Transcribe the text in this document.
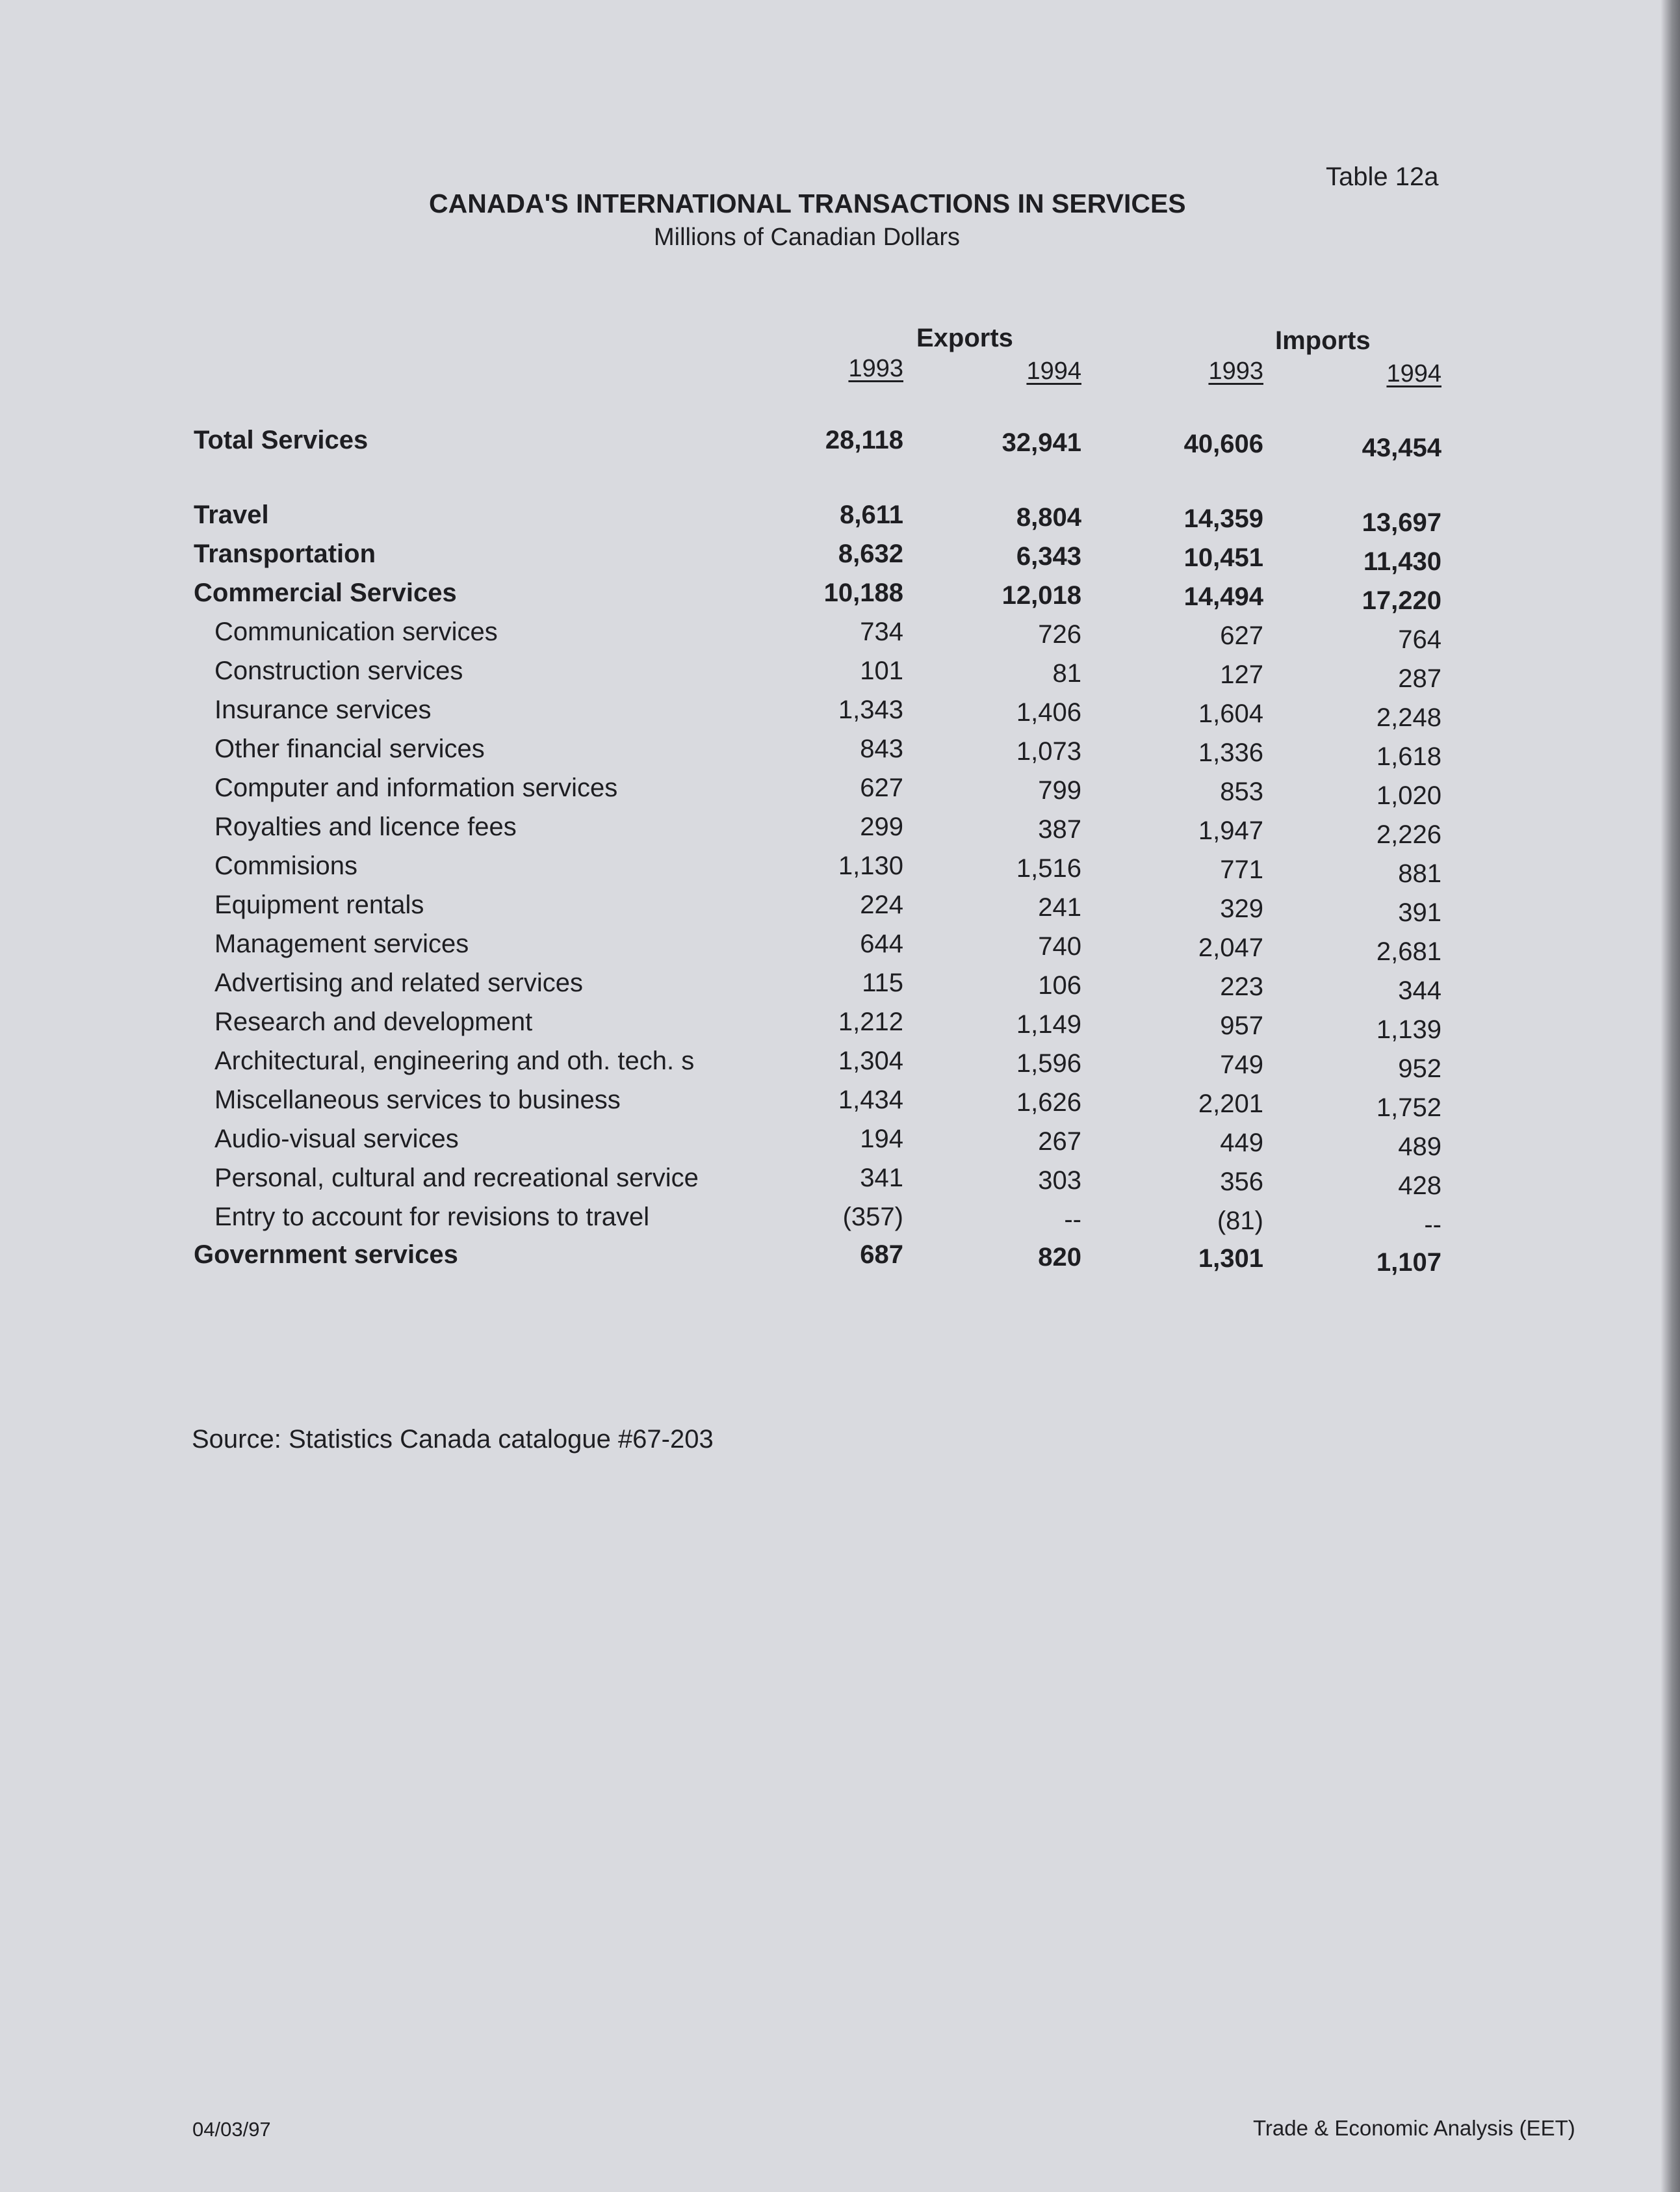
Table 12a
CANADA'S INTERNATIONAL TRANSACTIONS IN SERVICES
Millions of Canadian Dollars
Exports	Imports
1993	1994	1993	1994
Total Services	28,118	32,941	40,606	43,454
Travel	8,611	8,804	14,359	13,697
Transportation	8,632	6,343	10,451	11,430
Commercial Services	10,188	12,018	14,494	17,220
Communication services	734	726	627	764
Construction services	101	81	127	287
Insurance services	1,343	1,406	1,604	2,248
Other financial services	843	1,073	1,336	1,618
Computer and information services	627	799	853	1,020
Royalties and licence fees	299	387	1,947	2,226
Commisions	1,130	1,516	771	881
Equipment rentals	224	241	329	391
Management services	644	740	2,047	2,681
Advertising and related services	115	106	223	344
Research and development	1,212	1,149	957	1,139
Architectural, engineering and oth. tech. s	1,304	1,596	749	952
Miscellaneous services to business	1,434	1,626	2,201	1,752
Audio-visual services	194	267	449	489
Personal, cultural and recreational service	341	303	356	428
Entry to account for revisions to travel	(357)	--	(81)	--
Government services	687	820	1,301	1,107
Source: Statistics Canada catalogue #67-203
04/03/97	Trade & Economic Analysis (EET)
